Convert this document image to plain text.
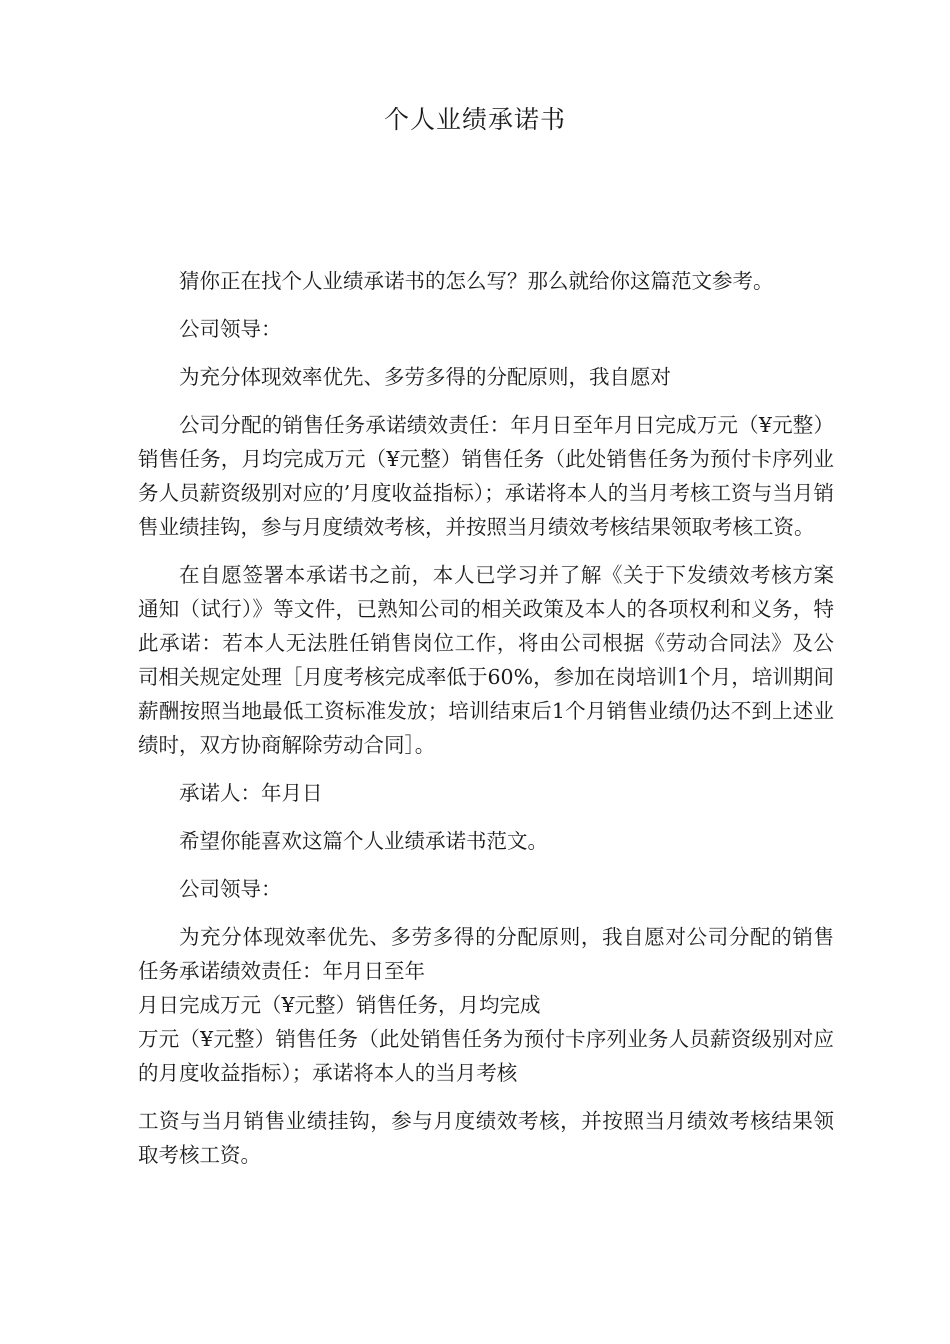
个人业绩承诺书

猜你正在找个人业绩承诺书的怎么写？那么就给你这篇范文参考。

公司领导：

为充分体现效率优先、多劳多得的分配原则，我自愿对

公司分配的销售任务承诺绩效责任：年月日至年月日完成万元（¥元整）销售任务，月均完成万元（¥元整）销售任务（此处销售任务为预付卡序列业务人员薪资级别对应的’月度收益指标）；承诺将本人的当月考核工资与当月销售业绩挂钩，参与月度绩效考核，并按照当月绩效考核结果领取考核工资。

在自愿签署本承诺书之前，本人已学习并了解《关于下发绩效考核方案通知（试行）》等文件，已熟知公司的相关政策及本人的各项权利和义务，特此承诺：若本人无法胜任销售岗位工作，将由公司根据《劳动合同法》及公司相关规定处理［月度考核完成率低于60%，参加在岗培训1个月，培训期间薪酬按照当地最低工资标准发放；培训结束后1个月销售业绩仍达不到上述业绩时，双方协商解除劳动合同］。

承诺人：年月日

希望你能喜欢这篇个人业绩承诺书范文。

公司领导：

为充分体现效率优先、多劳多得的分配原则，我自愿对公司分配的销售任务承诺绩效责任：年月日至年

月日完成万元（¥元整）销售任务，月均完成

万元（¥元整）销售任务（此处销售任务为预付卡序列业务人员薪资级别对应的月度收益指标）；承诺将本人的当月考核

工资与当月销售业绩挂钩，参与月度绩效考核，并按照当月绩效考核结果领取考核工资。
